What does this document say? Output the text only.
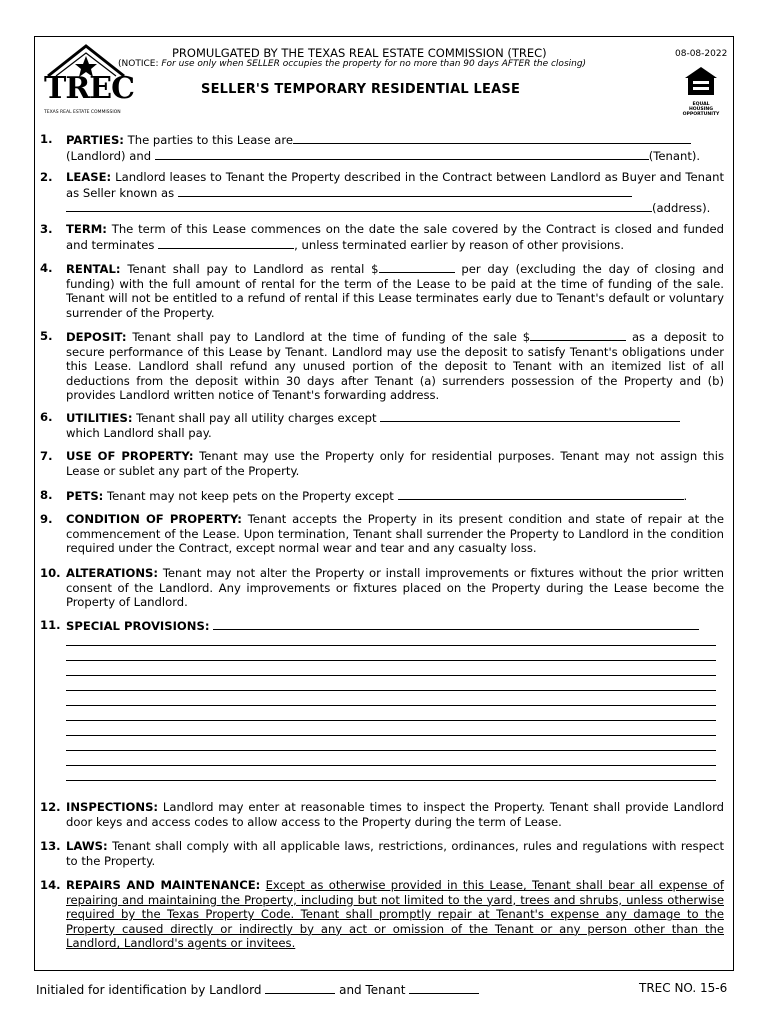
TREC
TEXAS REAL ESTATE COMMISSION
PROMULGATED BY THE TEXAS REAL ESTATE COMMISSION (TREC)
(NOTICE: For use only when SELLER occupies the property for no more than 90 days AFTER the closing)
08-08-2022
SELLER'S TEMPORARY RESIDENTIAL LEASE
EQUAL
HOUSING
OPPORTUNITY
1. PARTIES: The parties to this Lease are
(Landlord) and	(Tenant).
2. LEASE: Landlord leases to Tenant the Property described in the Contract between Landlord as Buyer and Tenant as Seller known as
(address).
3. TERM: The term of this Lease commences on the date the sale covered by the Contract is closed and funded and terminates	, unless terminated earlier by reason of other provisions.
4. RENTAL: Tenant shall pay to Landlord as rental $	per day (excluding the day of closing and funding) with the full amount of rental for the term of the Lease to be paid at the time of funding of the sale. Tenant will not be entitled to a refund of rental if this Lease terminates early due to Tenant's default or voluntary surrender of the Property.
5. DEPOSIT: Tenant shall pay to Landlord at the time of funding of the sale $	as a deposit to secure performance of this Lease by Tenant. Landlord may use the deposit to satisfy Tenant's obligations under this Lease. Landlord shall refund any unused portion of the deposit to Tenant with an itemized list of all deductions from the deposit within 30 days after Tenant (a) surrenders possession of the Property and (b) provides Landlord written notice of Tenant's forwarding address.
6. UTILITIES: Tenant shall pay all utility charges except
which Landlord shall pay.
7. USE OF PROPERTY: Tenant may use the Property only for residential purposes. Tenant may not assign this Lease or sublet any part of the Property.
8. PETS: Tenant may not keep pets on the Property except	.
9. CONDITION OF PROPERTY: Tenant accepts the Property in its present condition and state of repair at the commencement of the Lease. Upon termination, Tenant shall surrender the Property to Landlord in the condition required under the Contract, except normal wear and tear and any casualty loss.
10. ALTERATIONS: Tenant may not alter the Property or install improvements or fixtures without the prior written consent of the Landlord. Any improvements or fixtures placed on the Property during the Lease become the Property of Landlord.
11. SPECIAL PROVISIONS:
12. INSPECTIONS: Landlord may enter at reasonable times to inspect the Property. Tenant shall provide Landlord door keys and access codes to allow access to the Property during the term of Lease.
13. LAWS: Tenant shall comply with all applicable laws, restrictions, ordinances, rules and regulations with respect to the Property.
14. REPAIRS AND MAINTENANCE: Except as otherwise provided in this Lease, Tenant shall bear all expense of repairing and maintaining the Property, including but not limited to the yard, trees and shrubs, unless otherwise required by the Texas Property Code. Tenant shall promptly repair at Tenant's expense any damage to the Property caused directly or indirectly by any act or omission of the Tenant or any person other than the Landlord, Landlord's agents or invitees.
Initialed for identification by Landlord	and Tenant	TREC NO. 15-6
